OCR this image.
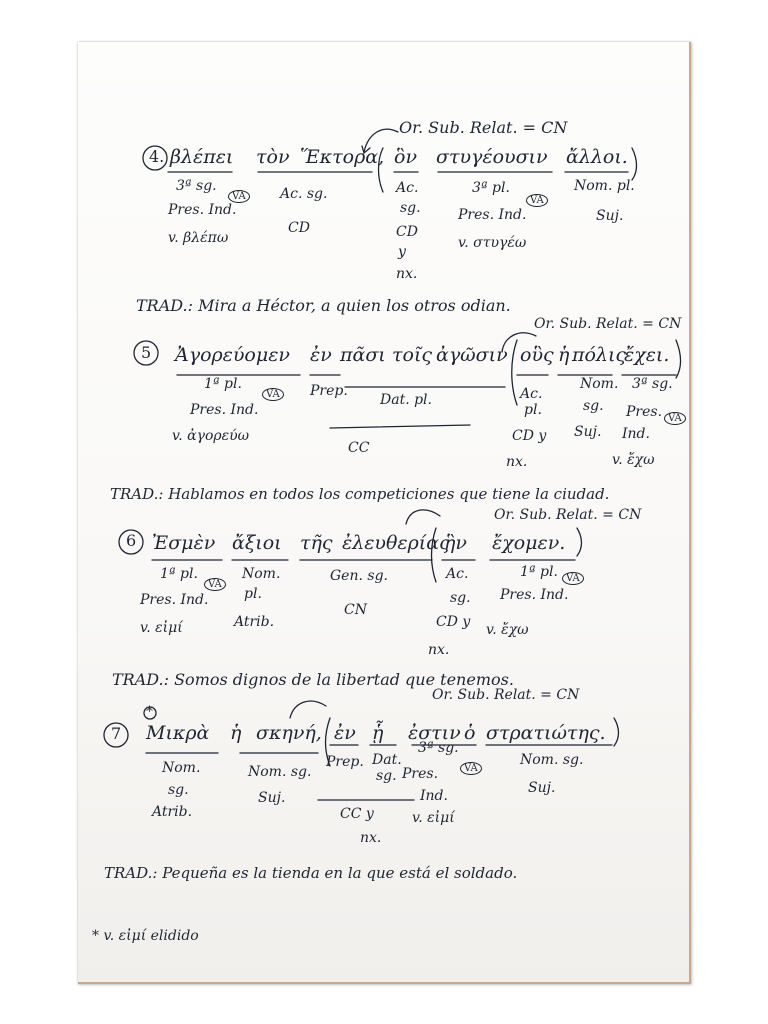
4.
Or. Sub. Relat. = CN
βλέπει τὸν Ἕκτορα, ὃν στυγέουσιν ἄλλοι.
3ª sg.
Pres. Ind.
v. βλέπω
VA Ac. sg.
CD
Ac.
sg.
CD
y
nx.
3ª pl.
Pres. Ind.
v. στυγέω
VA
Nom. pl.
Suj.
TRAD.: Mira a Héctor, a quien los otros odian.
5
Or. Sub. Relat. = CN
Ἀγορεύομεν ἐν πᾶσι τοῖς ἀγῶσιν οὓς ἡ πόλις
ἔχει.
1ª pl.
Pres. Ind.
v. ἀγορεύω
VA Prep.
Dat. pl.
CC
Ac.
pl.
CD y
nx.
Nom.
sg.
Suj.
3ª sg.
Pres.
Ind.
v. ἔχω
VA
TRAD.: Hablamos en todos los competiciones que tiene la ciudad.
6
Or. Sub. Relat. = CN
Ἐσμὲν ἄξιοι τῆς ἐλευθερίας
ἣν ἔχομεν.
1ª pl.
Pres. Ind.
v. εἰμί
VA
Nom.
pl.
Atrib.
Gen. sg.
CN
Ac.
sg.
CD y
nx.
1ª pl.
Pres. Ind.
v. ἔχω
VA
TRAD.: Somos dignos de la libertad que tenemos.
7
*
Or. Sub. Relat. = CN
Μικρὰ ἡ σκηνή, ἐν ᾗ ἐστιν ὁ στρατιώτης.
Nom.
sg.
Atrib.
Nom. sg.
Suj.
Prep.
CC y
nx.
Dat.
sg.
3ª sg.
Pres.
Ind.
v. εἰμί
VA
Nom. sg.
Suj.
TRAD.: Pequeña es la tienda en la que está el soldado.
* v. εἰμί elidido
